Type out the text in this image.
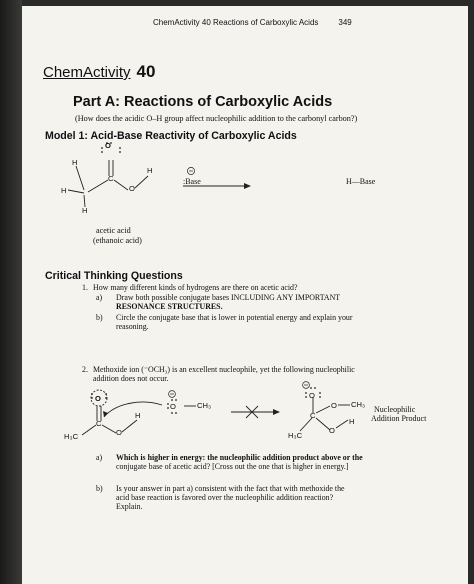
ChemActivity 40 Reactions of Carboxylic Acids	349
ChemActivity 40
Part A: Reactions of Carboxylic Acids
(How does the acidic O–H group affect nucleophilic addition to the carbonyl carbon?)
Model 1: Acid-Base Reactivity of Carboxylic Acids
O
C
O
H
H
H
H
:Base	H—Base
acetic acid
(ethanoic acid)
Critical Thinking Questions
1. How many different kinds of hydrogens are there on acetic acid?
a) Draw both possible conjugate bases INCLUDING ANY IMPORTANT
RESONANCE STRUCTURES.
b) Circle the conjugate base that is lower in potential energy and explain your
reasoning.
2. Methoxide ion (⁻OCH₃) is an excellent nucleophile, yet the following nucleophilic
addition does not occur.
O
C
O
H
H₃C
O	CH₃
O
C
O CH₃
O
H
H₃C
Nucleophilic
Addition Product
a) Which is higher in energy: the nucleophilic addition product above or the
conjugate base of acetic acid? [Cross out the one that is higher in energy.]
b) Is your answer in part a) consistent with the fact that with methoxide the
acid base reaction is favored over the nucleophilic addition reaction?
Explain.
